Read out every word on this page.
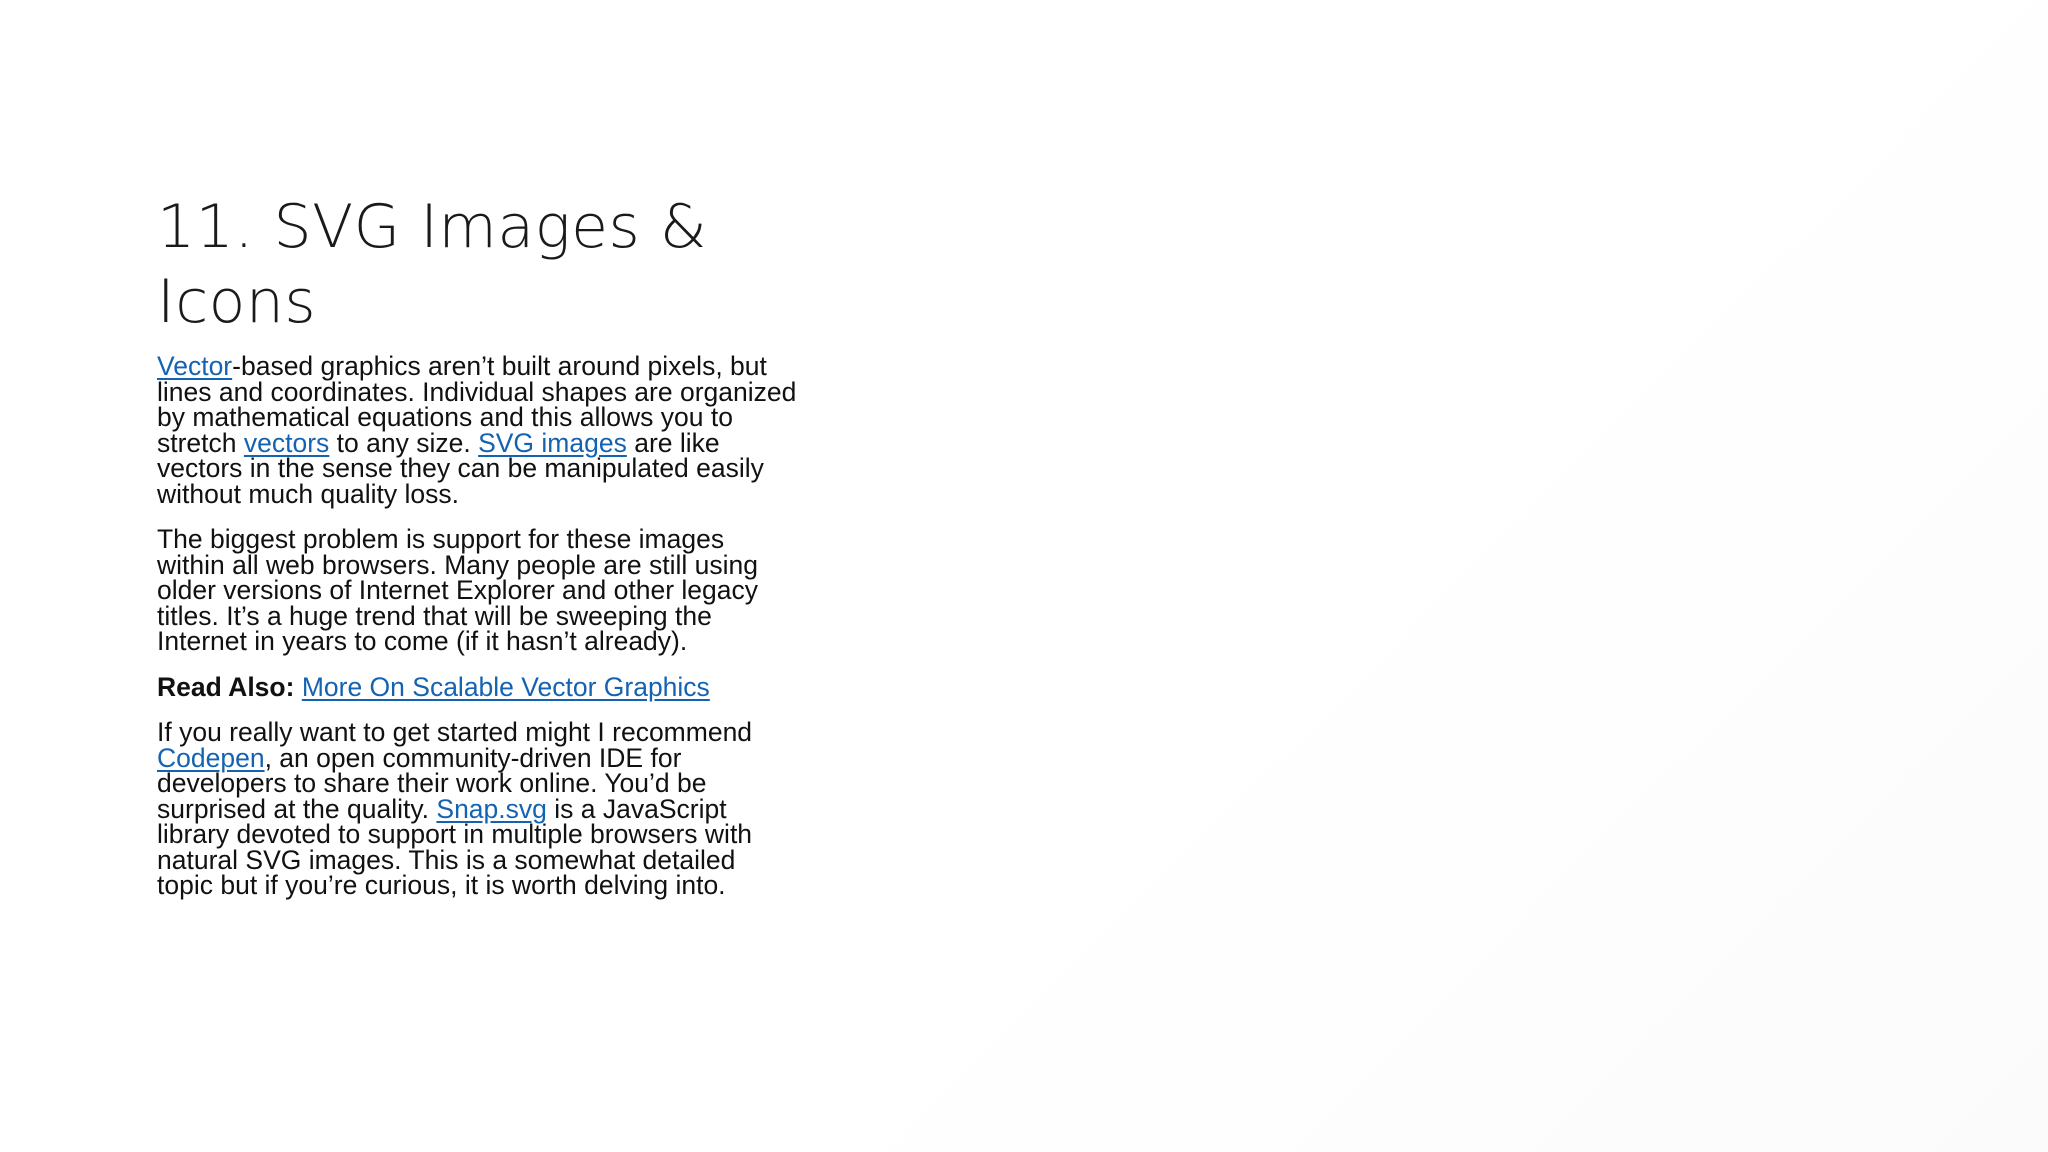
11. SVG Images & Icons

Vector-based graphics aren’t built around pixels, but lines and coordinates. Individual shapes are organized by mathematical equations and this allows you to stretch vectors to any size. SVG images are like vectors in the sense they can be manipulated easily without much quality loss.

The biggest problem is support for these images within all web browsers. Many people are still using older versions of Internet Explorer and other legacy titles. It’s a huge trend that will be sweeping the Internet in years to come (if it hasn’t already).

Read Also: More On Scalable Vector Graphics

If you really want to get started might I recommend Codepen, an open community-driven IDE for developers to share their work online. You’d be surprised at the quality. Snap.svg is a JavaScript library devoted to support in multiple browsers with natural SVG images. This is a somewhat detailed topic but if you’re curious, it is worth delving into.
